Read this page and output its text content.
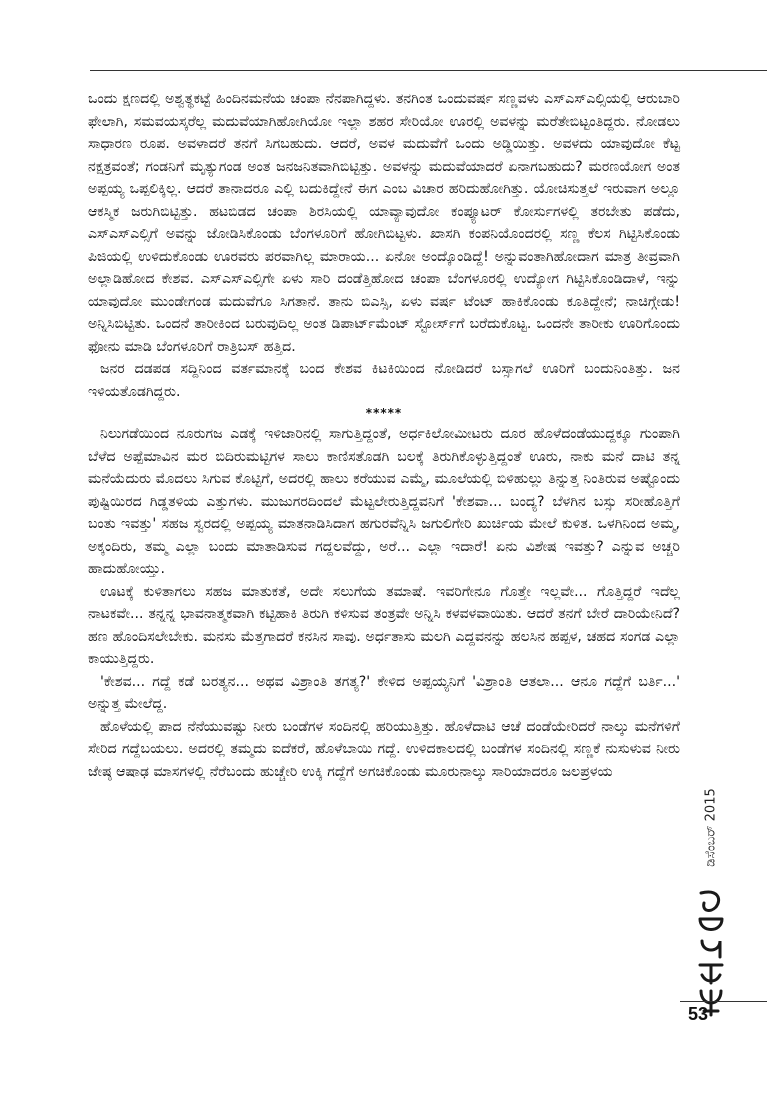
ಒಂದು ಕ್ಷಣದಲ್ಲಿ ಅಶ್ವತ್ಥಕಟ್ಟೆ ಹಿಂದಿನಮನೆಯ ಚಂಪಾ ನೆನಪಾಗಿದ್ದಳು. ತನಗಿಂತ ಒಂದುವರ್ಷ ಸಣ್ಣವಳು ಎಸ್‌ಎಸ್‌ಎಲ್ಸಿಯಲ್ಲಿ ಆರುಬಾರಿ ಫೇಲಾಗಿ, ಸಮವಯಸ್ಕರೆಲ್ಲ ಮದುವೆಯಾಗಿಹೋಗಿಯೋ ಇಲ್ಲಾ ಶಹರ ಸೇರಿಯೋ ಊರಲ್ಲಿ ಅವಳನ್ನು ಮರೆತೇಬಿಟ್ಟಂತಿದ್ದರು. ನೋಡಲು ಸಾಧಾರಣ ರೂಪ. ಅವಳಾದರೆ ತನಗೆ ಸಿಗಬಹುದು. ಆದರೆ, ಅವಳ ಮದುವೆಗೆ ಒಂದು ಅಡ್ಡಿಯಿತ್ತು. ಅವಳದು ಯಾವುದೋ ಕೆಟ್ಟ ನಕ್ಷತ್ರವಂತೆ; ಗಂಡನಿಗೆ ಮೃತ್ಯುಗಂಡ ಅಂತ ಜನಜನಿತವಾಗಿಬಿಟ್ಟಿತ್ತು. ಅವಳನ್ನು ಮದುವೆಯಾದರೆ ಏನಾಗಬಹುದು? ಮರಣಯೋಗ ಅಂತ ಅಪ್ಪಯ್ಯ ಒಪ್ಪಲಿಕ್ಕಿಲ್ಲ. ಆದರೆ ತಾನಾದರೂ ಎಲ್ಲಿ ಬದುಕಿದ್ದೇನೆ ಈಗ ಎಂಬ ವಿಚಾರ ಹರಿದುಹೋಗಿತ್ತು. ಯೋಚಿಸುತ್ತಲೆ ಇರುವಾಗ ಅಲ್ಲೂ ಆಕಸ್ಮಿಕ ಜರುಗಿಬಿಟ್ಟಿತ್ತು. ಹಟಬಿಡದ ಚಂಪಾ ಶಿರಸಿಯಲ್ಲಿ ಯಾವ್ಯಾವುದೋ ಕಂಪ್ಯೂಟರ್ ಕೋರ್ಸುಗಳಲ್ಲಿ ತರಬೇತು ಪಡೆದು, ಎಸ್‌ಎಸ್‌ಎಲ್ಸಿಗೆ ಅವನ್ನು ಜೋಡಿಸಿಕೊಂಡು ಬೆಂಗಳೂರಿಗೆ ಹೋಗಿಬಿಟ್ಟಳು. ಖಾಸಗಿ ಕಂಪನಿಯೊಂದರಲ್ಲಿ ಸಣ್ಣ ಕೆಲಸ ಗಿಟ್ಟಿಸಿಕೊಂಡು ಪಿಜಿಯಲ್ಲಿ ಉಳಿದುಕೊಂಡು ಊರವರು ಪರವಾಗಿಲ್ಲ ಮಾರಾಯ... ಏನೋ ಅಂದ್ಕೊಂಡಿದ್ದೆ! ಅನ್ನುವಂತಾಗಿಹೋದಾಗ ಮಾತ್ರ ತೀವ್ರವಾಗಿ ಅಲ್ಲಾಡಿಹೋದ ಕೇಶವ. ಎಸ್‌ಎಸ್‌ಎಲ್ಸಿಗೇ ಏಳು ಸಾರಿ ದಂಡೆತ್ತಿಹೋದ ಚಂಪಾ ಬೆಂಗಳೂರಲ್ಲಿ ಉದ್ಯೋಗ ಗಿಟ್ಟಿಸಿಕೊಂಡಿದಾಳೆ, ಇನ್ನು ಯಾವುದೋ ಮುಂಡೇಗಂಡ ಮದುವೆಗೂ ಸಿಗತಾನೆ. ತಾನು ಬಿಎಸ್ಸಿ, ಏಳು ವರ್ಷ ಟೆಂಟ್ ಹಾಕಿಕೊಂಡು ಕೂತಿದ್ದೇನೆ; ನಾಚಿಗ್ಗೇಡು! ಅನ್ನಿಸಿಬಿಟ್ಟಿತು. ಒಂದನೆ ತಾರೀಕಿಂದ ಬರುವುದಿಲ್ಲ ಅಂತ ಡಿಪಾರ್ಟ್‌ಮೆಂಟ್ ಸ್ಟೋರ್ಸ್‌ಗೆ ಬರೆದುಕೊಟ್ಟ. ಒಂದನೇ ತಾರೀಕು ಊರಿಗೊಂದು ಫೋನು ಮಾಡಿ ಬೆಂಗಳೂರಿಗೆ ರಾತ್ರಿಬಸ್ ಹತ್ತಿದ.

ಜನರ ದಡಪಡ ಸದ್ದಿನಿಂದ ವರ್ತಮಾನಕ್ಕೆ ಬಂದ ಕೇಶವ ಕಿಟಕಿಯಿಂದ ನೋಡಿದರೆ ಬಸ್ಸಾಗಲೆ ಊರಿಗೆ ಬಂದುನಿಂತಿತ್ತು. ಜನ ಇಳಿಯತೊಡಗಿದ್ದರು.

*****

ನಿಲುಗಡೆಯಿಂದ ನೂರುಗಜ ಎಡಕ್ಕೆ ಇಳಿಜಾರಿನಲ್ಲಿ ಸಾಗುತ್ತಿದ್ದಂತೆ, ಅರ್ಧಕಿಲೋಮೀಟರು ದೂರ ಹೊಳೆದಂಡೆಯುದ್ದಕ್ಕೂ ಗುಂಪಾಗಿ ಬೆಳೆದ ಅಪ್ಪೆಮಾವಿನ ಮರ ಬಿದಿರುಮಟ್ಟಿಗಳ ಸಾಲು ಕಾಣಿಸತೊಡಗಿ ಬಲಕ್ಕೆ ತಿರುಗಿಕೊಳ್ಳುತ್ತಿದ್ದಂತೆ ಊರು, ನಾಕು ಮನೆ ದಾಟಿ ತನ್ನ ಮನೆಯೆದುರು ಮೊದಲು ಸಿಗುವ ಕೊಟ್ಟಿಗೆ, ಅದರಲ್ಲಿ ಹಾಲು ಕರೆಯುವ ಎಮ್ಮೆ, ಮೂಲೆಯಲ್ಲಿ ಬಿಳಿಹುಲ್ಲು ತಿನ್ನುತ್ತ ನಿಂತಿರುವ ಅಷ್ಟೊಂದು ಪುಷ್ಟಿಯಿರದ ಗಿಡ್ಡತಳಿಯ ಎತ್ತುಗಳು. ಮುಜುಗರದಿಂದಲೆ ಮೆಟ್ಟಲೇರುತ್ತಿದ್ದವನಿಗೆ 'ಕೇಶವಾ... ಬಂದ್ಯ? ಬೆಳಗಿನ ಬಸ್ಸು ಸರೀಹೊತ್ತಿಗೆ ಬಂತು ಇವತ್ತು' ಸಹಜ ಸ್ವರದಲ್ಲಿ ಅಪ್ಪಯ್ಯ ಮಾತನಾಡಿಸಿದಾಗ ಹಗುರವೆನ್ನಿಸಿ ಜಗುಲಿಗೇರಿ ಖುರ್ಚಿಯ ಮೇಲೆ ಕುಳಿತ. ಒಳಗಿನಿಂದ ಅಮ್ಮ, ಅಕ್ಕಂದಿರು, ತಮ್ಮ ಎಲ್ಲಾ ಬಂದು ಮಾತಾಡಿಸುವ ಗದ್ದಲವೆದ್ದು, ಅರೆ... ಎಲ್ಲಾ ಇದಾರೆ! ಏನು ವಿಶೇಷ ಇವತ್ತು? ಎನ್ನುವ ಅಚ್ಚರಿ ಹಾದುಹೋಯ್ತು.

ಊಟಕ್ಕೆ ಕುಳಿತಾಗಲು ಸಹಜ ಮಾತುಕತೆ, ಅದೇ ಸಲುಗೆಯ ತಮಾಷೆ. ಇವರಿಗೇನೂ ಗೊತ್ತೇ ಇಲ್ಲವೇ... ಗೊತ್ತಿದ್ದರೆ ಇದೆಲ್ಲ ನಾಟಕವೇ... ತನ್ನನ್ನ ಭಾವನಾತ್ಮಕವಾಗಿ ಕಟ್ಟಿಹಾಕಿ ತಿರುಗಿ ಕಳಿಸುವ ತಂತ್ರವೇ ಅನ್ನಿಸಿ ಕಳವಳವಾಯಿತು. ಆದರೆ ತನಗೆ ಬೇರೆ ದಾರಿಯೇನಿದೆ? ಹಣ ಹೊಂದಿಸಲೇಬೇಕು. ಮನಸು ಮೆತ್ತಗಾದರೆ ಕನಸಿನ ಸಾವು. ಅರ್ಧತಾಸು ಮಲಗಿ ಎದ್ದವನನ್ನು ಹಲಸಿನ ಹಪ್ಪಳ, ಚಹದ ಸಂಗಡ ಎಲ್ಲಾ ಕಾಯುತ್ತಿದ್ದರು.

'ಕೇಶವ... ಗದ್ದೆ ಕಡೆ ಬರತ್ಯನ... ಅಥವ ವಿಶ್ರಾಂತಿ ತಗತ್ಯ?' ಕೇಳಿದ ಅಪ್ಪಯ್ಯನಿಗೆ 'ವಿಶ್ರಾಂತಿ ಆತಲಾ... ಆನೂ ಗದ್ದೆಗೆ ಬರ್ತಿ...' ಅನ್ನುತ್ತ ಮೇಲೆದ್ದ.

ಹೊಳೆಯಲ್ಲಿ ಪಾದ ನೆನೆಯುವಷ್ಟು ನೀರು ಬಂಡೆಗಳ ಸಂದಿನಲ್ಲಿ ಹರಿಯುತ್ತಿತ್ತು. ಹೊಳೆದಾಟಿ ಆಚೆ ದಂಡೆಯೇರಿದರೆ ನಾಲ್ಕು ಮನೆಗಳಿಗೆ ಸೇರಿದ ಗದ್ದೆಬಯಲು. ಅದರಲ್ಲಿ ತಮ್ಮದು ಐದೆಕರೆ, ಹೊಳೆಬಾಯಿ ಗದ್ದೆ. ಉಳಿದಕಾಲದಲ್ಲಿ ಬಂಡೆಗಳ ಸಂದಿನಲ್ಲಿ ಸಣ್ಣಕೆ ನುಸುಳುವ ನೀರು ಜೇಷ್ಠ ಆಷಾಢ ಮಾಸಗಳಲ್ಲಿ ನೆರೆಬಂದು ಹುಚ್ಚೇರಿ ಉಕ್ಕಿ ಗದ್ದೆಗೆ ಅಗಚಿಕೊಂಡು ಮೂರುನಾಲ್ಕು ಸಾರಿಯಾದರೂ ಜಲಪ್ರಳಯ

ಡಿಸೆಂಬರ್ 2015
53
